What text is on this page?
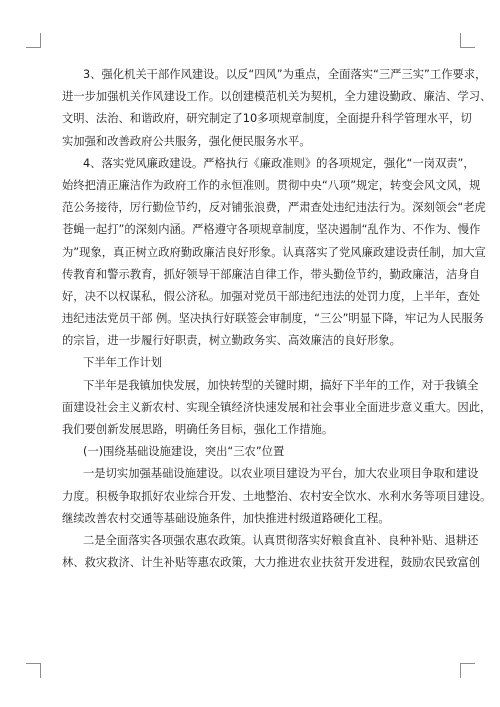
3、强化机关干部作风建设。以反“四风”为重点，全面落实“三严三实”工作要求，
进一步加强机关作风建设工作。以创建模范机关为契机，全力建设勤政、廉洁、学习、
文明、法治、和谐政府，研究制定了10多项规章制度，全面提升科学管理水平，切
实加强和改善政府公共服务，强化便民服务水平。
4、落实党风廉政建设。严格执行《廉政准则》的各项规定，强化“一岗双责”，
始终把清正廉洁作为政府工作的永恒准则。贯彻中央“八项”规定，转变会风文风，规
范公务接待，厉行勤俭节约，反对铺张浪费，严肃查处违纪违法行为。深刻领会“老虎
苍蝇一起打”的深刻内涵。严格遵守各项规章制度，坚决遏制“乱作为、不作为、慢作
为”现象，真正树立政府勤政廉洁良好形象。认真落实了党风廉政建设责任制，加大宣
传教育和警示教育，抓好领导干部廉洁自律工作，带头勤俭节约，勤政廉洁，洁身自
好，决不以权谋私，假公济私。加强对党员干部违纪违法的处罚力度，上半年，查处
违纪违法党员干部 例。坚决执行好联签会审制度，“三公”明显下降，牢记为人民服务
的宗旨，进一步履行好职责，树立勤政务实、高效廉洁的良好形象。
下半年工作计划
下半年是我镇加快发展，加快转型的关键时期，搞好下半年的工作，对于我镇全
面建设社会主义新农村、实现全镇经济快速发展和社会事业全面进步意义重大。因此，
我们要创新发展思路，明确任务目标，强化工作措施。
(一)围绕基础设施建设，突出“三农”位置
一是切实加强基础设施建设。以农业项目建设为平台，加大农业项目争取和建设
力度。积极争取抓好农业综合开发、土地整治、农村安全饮水、水利水务等项目建设。
继续改善农村交通等基础设施条件，加快推进村级道路硬化工程。
二是全面落实各项强农惠农政策。认真贯彻落实好粮食直补、良种补贴、退耕还
林、救灾救济、计生补贴等惠农政策，大力推进农业扶贫开发进程，鼓励农民致富创
